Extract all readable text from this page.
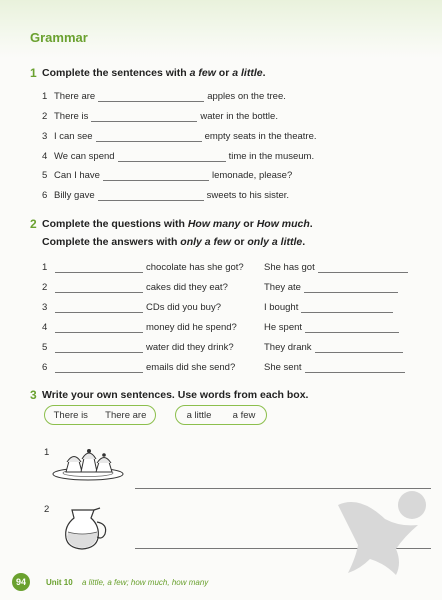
Grammar
1 Complete the sentences with a few or a little.
1 There are	apples on the tree.
2 There is	water in the bottle.
3 I can see	empty seats in the theatre.
4 We can spend	time in the museum.
5 Can I have	lemonade, please?
6 Billy gave	sweets to his sister.
2 Complete the questions with How many or How much.
Complete the answers with only a few or only a little.
1	chocolate has she got? She has got
2	cakes did they eat?	They ate
3	CDs did you buy?	I bought
4	money did he spend?	He spent
5	water did they drink?	They drank
6	emails did she send?	She sent
3 Write your own sentences. Use words from each box.
There is There are	a little a few
1
2
94	Unit 10 a little, a few; how much, how many
